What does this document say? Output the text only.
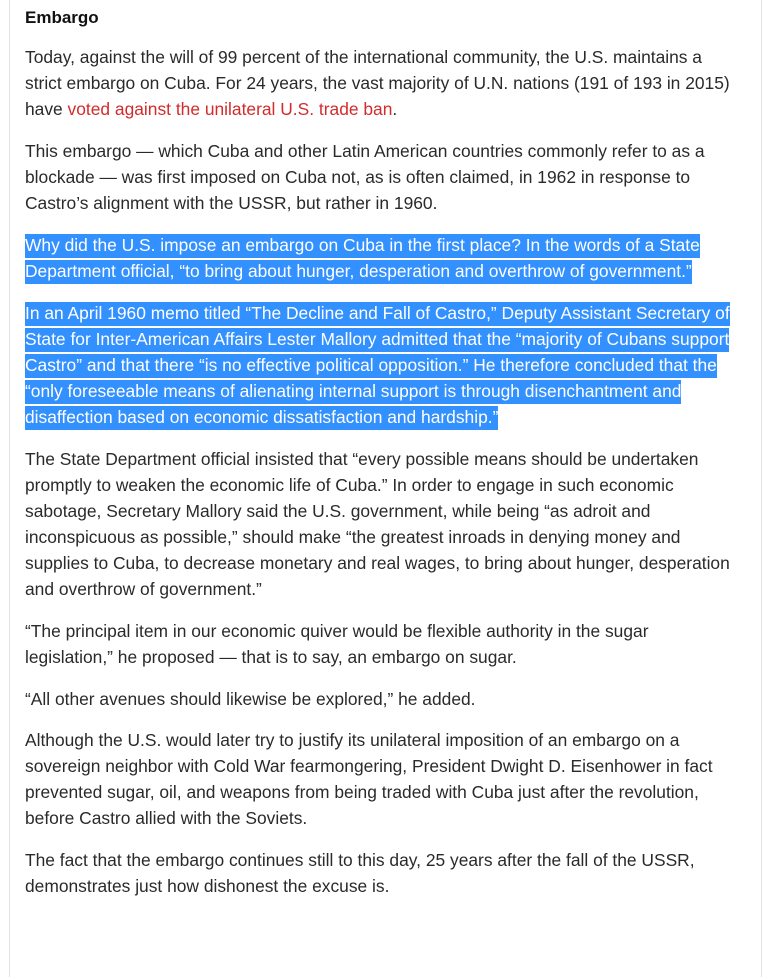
Embargo

Today, against the will of 99 percent of the international community, the U.S. maintains a strict embargo on Cuba. For 24 years, the vast majority of U.N. nations (191 of 193 in 2015) have voted against the unilateral U.S. trade ban.

This embargo — which Cuba and other Latin American countries commonly refer to as a blockade — was first imposed on Cuba not, as is often claimed, in 1962 in response to Castro’s alignment with the USSR, but rather in 1960.

Why did the U.S. impose an embargo on Cuba in the first place? In the words of a State Department official, “to bring about hunger, desperation and overthrow of government.”

In an April 1960 memo titled “The Decline and Fall of Castro,” Deputy Assistant Secretary of State for Inter-American Affairs Lester Mallory admitted that the “majority of Cubans support Castro” and that there “is no effective political opposition.” He therefore concluded that the “only foreseeable means of alienating internal support is through disenchantment and disaffection based on economic dissatisfaction and hardship.”

The State Department official insisted that “every possible means should be undertaken promptly to weaken the economic life of Cuba.” In order to engage in such economic sabotage, Secretary Mallory said the U.S. government, while being “as adroit and inconspicuous as possible,” should make “the greatest inroads in denying money and supplies to Cuba, to decrease monetary and real wages, to bring about hunger, desperation and overthrow of government.”

“The principal item in our economic quiver would be flexible authority in the sugar legislation,” he proposed — that is to say, an embargo on sugar.

“All other avenues should likewise be explored,” he added.

Although the U.S. would later try to justify its unilateral imposition of an embargo on a sovereign neighbor with Cold War fearmongering, President Dwight D. Eisenhower in fact prevented sugar, oil, and weapons from being traded with Cuba just after the revolution, before Castro allied with the Soviets.

The fact that the embargo continues still to this day, 25 years after the fall of the USSR, demonstrates just how dishonest the excuse is.
